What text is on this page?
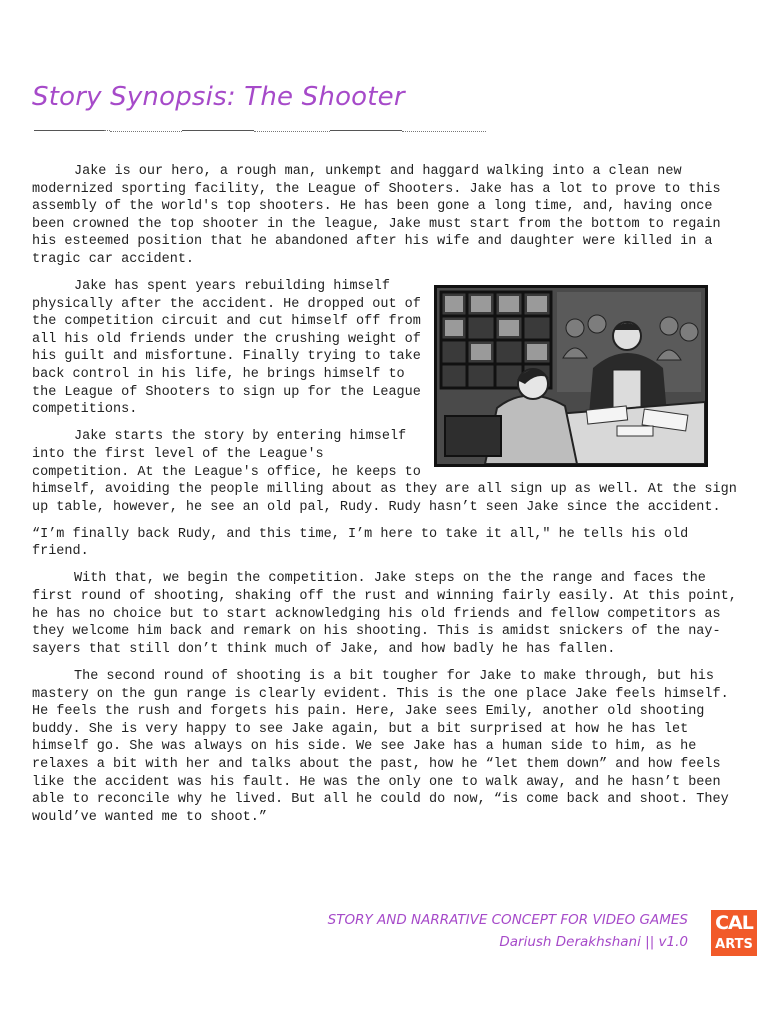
Story Synopsis: The Shooter

Jake is our hero, a rough man, unkempt and haggard walking into a clean new modernized sporting facility, the League of Shooters. Jake has a lot to prove to this assembly of the world's top shooters. He has been gone a long time, and, having once been crowned the top shooter in the league, Jake must start from the bottom to regain his esteemed position that he abandoned after his wife and daughter were killed in a tragic car accident.

Jake has spent years rebuilding himself physically after the accident. He dropped out of the competition circuit and cut himself off from all his old friends under the crushing weight of his guilt and misfortune. Finally trying to take back control in his life, he brings himself to the League of Shooters to sign up for the League competitions.

Jake starts the story by entering himself into the first level of the League's competition. At the League's office, he keeps to himself, avoiding the people milling about as they are all sign up as well. At the sign up table, however, he see an old pal, Rudy. Rudy hasn’t seen Jake since the accident.

“I’m finally back Rudy, and this time, I’m here to take it all," he tells his old friend.

With that, we begin the competition. Jake steps on the the range and faces the first round of shooting, shaking off the rust and winning fairly easily. At this point, he has no choice but to start acknowledging his old friends and fellow competitors as they welcome him back and remark on his shooting. This is amidst snickers of the nay-sayers that still don’t think much of Jake, and how badly he has fallen.

The second round of shooting is a bit tougher for Jake to make through, but his mastery on the gun range is clearly evident. This is the one place Jake feels himself. He feels the rush and forgets his pain. Here, Jake sees Emily, another old shooting buddy. She is very happy to see Jake again, but a bit surprised at how he has let himself go. She was always on his side. We see Jake has a human side to him, as he relaxes a bit with her and talks about the past, how he “let them down” and how feels like the accident was his fault. He was the only one to walk away, and he hasn’t been able to reconcile why he lived. But all he could do now, “is come back and shoot. They would’ve wanted me to shoot.”

STORY AND NARRATIVE CONCEPT FOR VIDEO GAMES
Dariush Derakhshani || v1.0
CAL
ARTS
